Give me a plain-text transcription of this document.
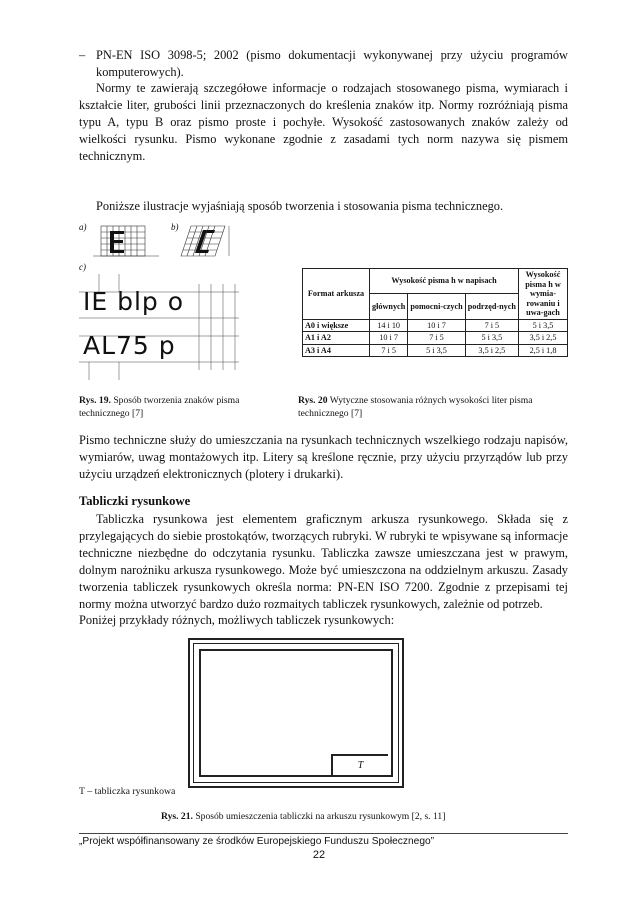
– PN-EN ISO 3098-5; 2002 (pismo dokumentacji wykonywanej przy użyciu programów komputerowych).
Normy te zawierają szczegółowe informacje o rodzajach stosowanego pisma, wymiarach i kształcie liter, grubości linii przeznaczonych do kreślenia znaków itp. Normy rozróżniają pisma typu A, typu B oraz pismo proste i pochyłe. Wysokość zastosowanych znaków zależy od wielkości rysunku. Pismo wykonane zgodnie z zasadami tych norm nazywa się pismem technicznym.
Poniższe ilustracje wyjaśniają sposób tworzenia i stosowania pisma technicznego.
a)	b)
c)
IE blp o
AL75 p
Rys. 19. Sposób tworzenia znaków pisma technicznego [7]
Format arkusza	Wysokość pisma h w napisach			Wysokość pisma h w wymia-rowaniu i uwa-gach
	głównych	pomocni-czych	podrzęd-nych	
A0 i większe	14 i 10	10 i 7	7 i 5	5 i 3,5
A1 i A2	10 i 7	7 i 5	5 i 3,5	3,5 i 2,5
A3 i A4	7 i 5	5 i 3,5	3,5 i 2,5	2,5 i 1,8
Rys. 20 Wytyczne stosowania różnych wysokości liter pisma technicznego [7]
Pismo techniczne służy do umieszczania na rysunkach technicznych wszelkiego rodzaju napisów, wymiarów, uwag montażowych itp. Litery są kreślone ręcznie, przy użyciu przyrządów lub przy użyciu urządzeń elektronicznych (plotery i drukarki).
Tabliczki rysunkowe
Tabliczka rysunkowa jest elementem graficznym arkusza rysunkowego. Składa się z przylegających do siebie prostokątów, tworzących rubryki. W rubryki te wpisywane są informacje techniczne niezbędne do odczytania rysunku. Tabliczka zawsze umieszczana jest w prawym, dolnym narożniku arkusza rysunkowego. Może być umieszczona na oddzielnym arkuszu. Zasady tworzenia tabliczek rysunkowych określa norma: PN-EN ISO 7200. Zgodnie z przepisami tej normy można utworzyć bardzo dużo rozmaitych tabliczek rysunkowych, zależnie od potrzeb.
Poniżej przykłady różnych, możliwych tabliczek rysunkowych:
T
T – tabliczka rysunkowa
Rys. 21. Sposób umieszczenia tabliczki na arkuszu rysunkowym [2, s. 11]
„Projekt współfinansowany ze środków Europejskiego Funduszu Społecznego”
22
